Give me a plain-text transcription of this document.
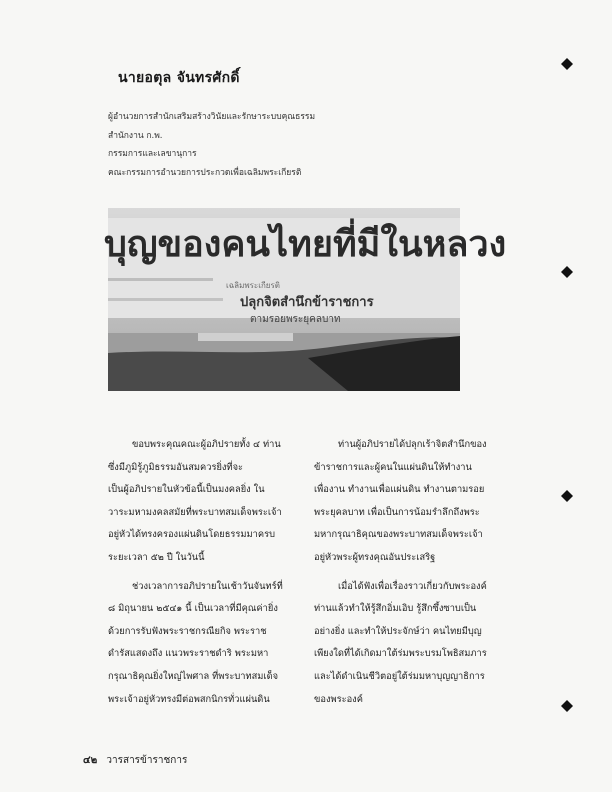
นายอตุล จันทรศักดิ์
ผู้อำนวยการสำนักเสริมสร้างวินัยและรักษาระบบคุณธรรม
สำนักงาน ก.พ.
กรรมการและเลขานุการ
คณะกรรมการอำนวยการประกวดเพื่อเฉลิมพระเกียรติ
บุญของคนไทยที่มีในหลวง
เฉลิมพระเกียรติ
ปลุกจิตสำนึกข้าราชการ
ตามรอยพระยุคลบาท

ขอบพระคุณคณะผู้อภิปรายทั้ง ๔ ท่าน
ซึ่งมีภูมิรู้ภูมิธรรมอันสมควรยิ่งที่จะ
เป็นผู้อภิปรายในหัวข้อนี้เป็นมงคลยิ่ง ใน
วาระมหามงคลสมัยที่พระบาทสมเด็จพระเจ้า
อยู่หัวได้ทรงครองแผ่นดินโดยธรรมมาครบ
ระยะเวลา ๕๒ ปี ในวันนี้

ช่วงเวลาการอภิปรายในเช้าวันจันทร์ที่
๘ มิถุนายน ๒๕๔๑ นี้ เป็นเวลาที่มีคุณค่ายิ่ง
ด้วยการรับฟังพระราชกรณียกิจ พระราช
ดำรัสแสดงถึง แนวพระราชดำริ พระมหา
กรุณาธิคุณยิ่งใหญ่ไพศาล ที่พระบาทสมเด็จ
พระเจ้าอยู่หัวทรงมีต่อพสกนิกรทั่วแผ่นดิน

ท่านผู้อภิปรายได้ปลุกเร้าจิตสำนึกของ
ข้าราชการและผู้คนในแผ่นดินให้ทำงาน
เพื่องาน ทำงานเพื่อแผ่นดิน ทำงานตามรอย
พระยุคลบาท เพื่อเป็นการน้อมรำลึกถึงพระ
มหากรุณาธิคุณของพระบาทสมเด็จพระเจ้า
อยู่หัวพระผู้ทรงคุณอันประเสริฐ

เมื่อได้ฟังเพื่อเรื่องราวเกี่ยวกับพระองค์
ท่านแล้วทำให้รู้สึกอิ่มเอิบ รู้สึกซึ้งซาบเป็น
อย่างยิ่ง และทำให้ประจักษ์ว่า คนไทยมีบุญ
เพียงใดที่ได้เกิดมาใต้ร่มพระบรมโพธิสมภาร
และได้ดำเนินชีวิตอยู่ใต้ร่มมหาบุญญาธิการ
ของพระองค์

๔๒ วารสารข้าราชการ
